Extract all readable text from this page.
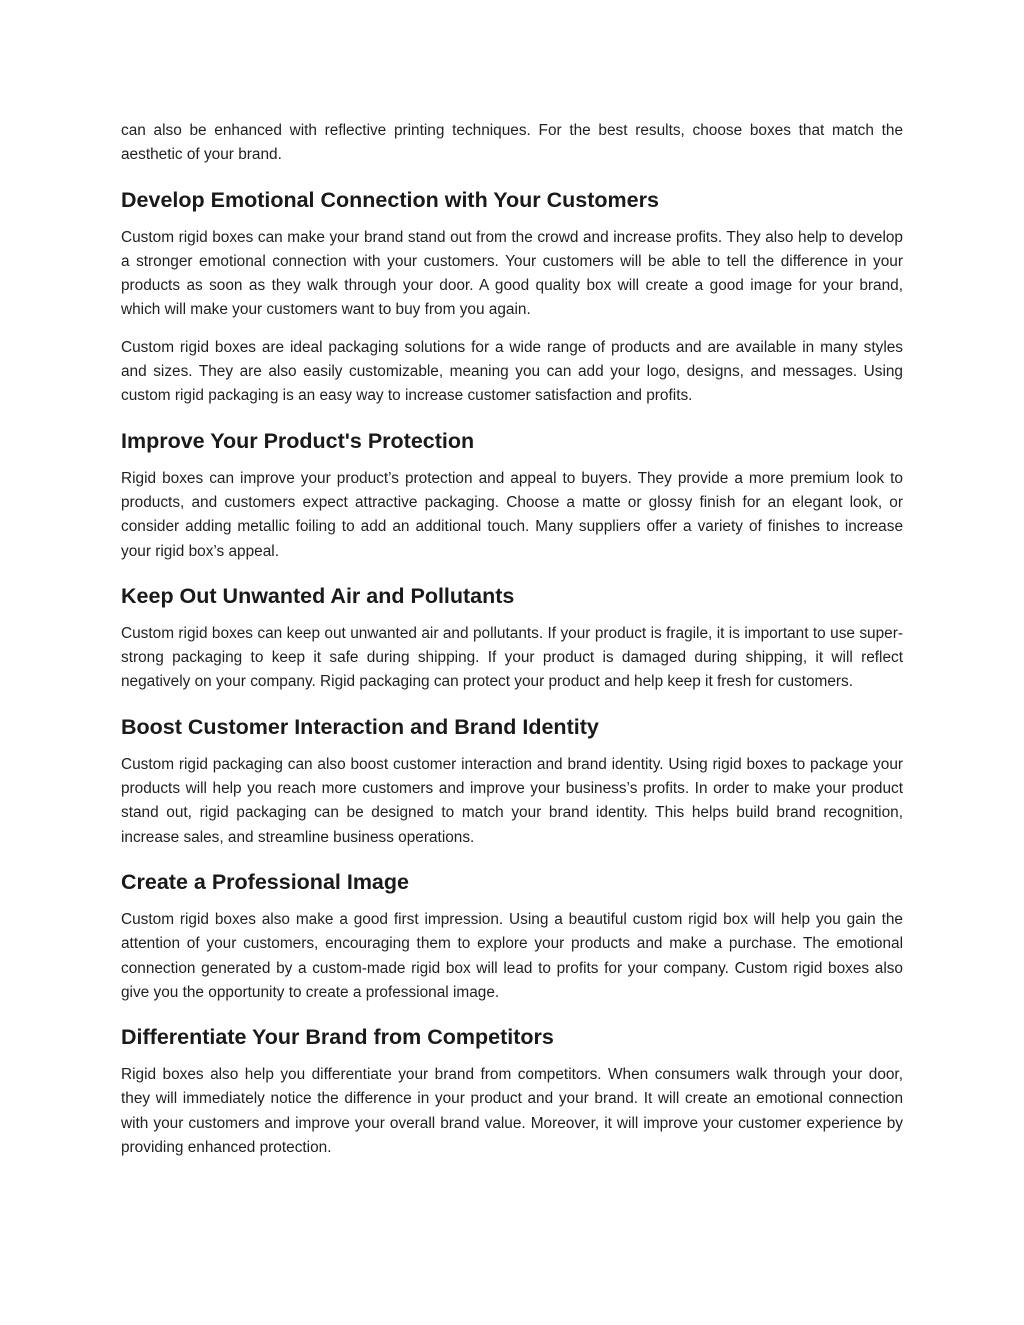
can also be enhanced with reflective printing techniques. For the best results, choose boxes that match the aesthetic of your brand.

Develop Emotional Connection with Your Customers

Custom rigid boxes can make your brand stand out from the crowd and increase profits. They also help to develop a stronger emotional connection with your customers. Your customers will be able to tell the difference in your products as soon as they walk through your door. A good quality box will create a good image for your brand, which will make your customers want to buy from you again.

Custom rigid boxes are ideal packaging solutions for a wide range of products and are available in many styles and sizes. They are also easily customizable, meaning you can add your logo, designs, and messages. Using custom rigid packaging is an easy way to increase customer satisfaction and profits.

Improve Your Product's Protection

Rigid boxes can improve your product’s protection and appeal to buyers. They provide a more premium look to products, and customers expect attractive packaging. Choose a matte or glossy finish for an elegant look, or consider adding metallic foiling to add an additional touch. Many suppliers offer a variety of finishes to increase your rigid box’s appeal.

Keep Out Unwanted Air and Pollutants

Custom rigid boxes can keep out unwanted air and pollutants. If your product is fragile, it is important to use super-strong packaging to keep it safe during shipping. If your product is damaged during shipping, it will reflect negatively on your company. Rigid packaging can protect your product and help keep it fresh for customers.

Boost Customer Interaction and Brand Identity

Custom rigid packaging can also boost customer interaction and brand identity. Using rigid boxes to package your products will help you reach more customers and improve your business’s profits. In order to make your product stand out, rigid packaging can be designed to match your brand identity. This helps build brand recognition, increase sales, and streamline business operations.

Create a Professional Image

Custom rigid boxes also make a good first impression. Using a beautiful custom rigid box will help you gain the attention of your customers, encouraging them to explore your products and make a purchase. The emotional connection generated by a custom-made rigid box will lead to profits for your company. Custom rigid boxes also give you the opportunity to create a professional image.

Differentiate Your Brand from Competitors

Rigid boxes also help you differentiate your brand from competitors. When consumers walk through your door, they will immediately notice the difference in your product and your brand. It will create an emotional connection with your customers and improve your overall brand value. Moreover, it will improve your customer experience by providing enhanced protection.
